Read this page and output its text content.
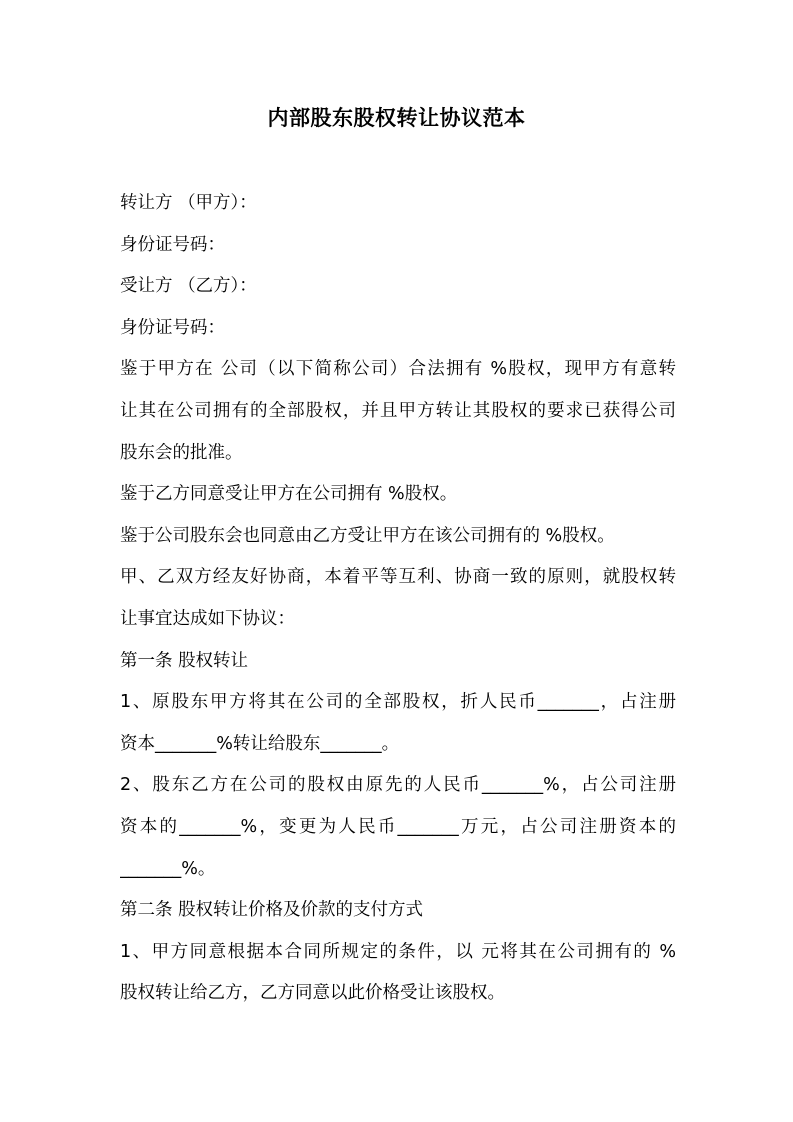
内部股东股权转让协议范本
转让方 （甲方）：
身份证号码：
受让方 （乙方）：
身份证号码：
鉴于甲方在 公司（以下简称公司）合法拥有 %股权，现甲方有意转
让其在公司拥有的全部股权，并且甲方转让其股权的要求已获得公司
股东会的批准。
鉴于乙方同意受让甲方在公司拥有 %股权。
鉴于公司股东会也同意由乙方受让甲方在该公司拥有的 %股权。
甲、乙双方经友好协商，本着平等互利、协商一致的原则，就股权转
让事宜达成如下协议：
第一条 股权转让
1、原股东甲方将其在公司的全部股权，折人民币_______，占注册
资本_______%转让给股东_______。
2、股东乙方在公司的股权由原先的人民币_______%，占公司注册
资本的_______%，变更为人民币_______万元，占公司注册资本的
_______%。
第二条 股权转让价格及价款的支付方式
1、甲方同意根据本合同所规定的条件，以 元将其在公司拥有的 %
股权转让给乙方，乙方同意以此价格受让该股权。
